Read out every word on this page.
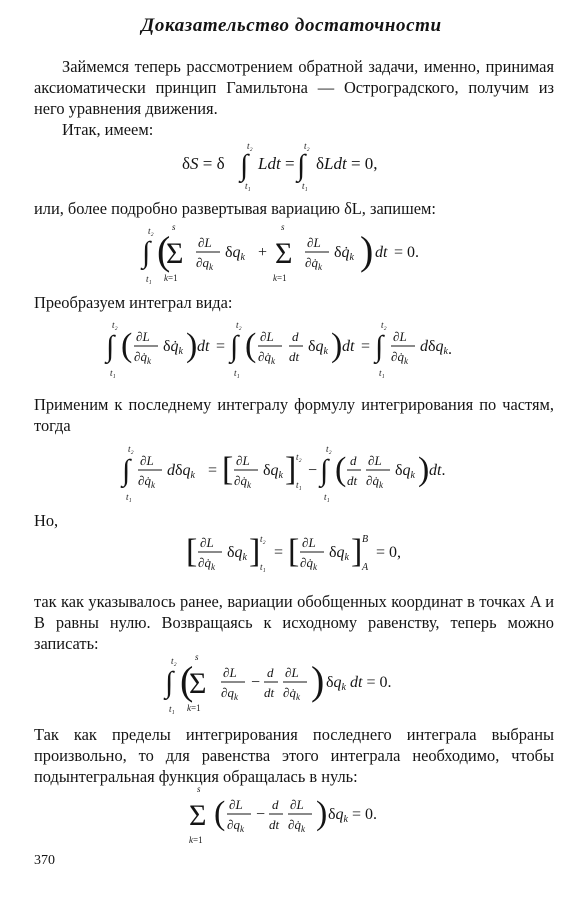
Доказательство достаточности
Займемся теперь рассмотрением обратной задачи, именно, принимая аксиоматически принцип Гамильтона — Остроградского, получим из него уравнения движения.
Итак, имеем:
δS = δ ∫
t₂
t₁
Ldt = ∫
t₂
t₁
δLdt = 0,
или, более подробно развертывая вариацию δL, запишем:
∫
t₂
t₁
(
s
Σ
k=1
∂L
$\partial q_k$
δqk +
s
Σ
k=1
∂L
$\partial q̇_k$
δq̇k ) dt = 0.
Преобразуем интеграл вида:
∫
t₂
t₁
( ∂L
$\partial q̇_k$
δq̇k ) dt = ∫
t₂
t₁
( ∂L
$\partial q̇_k$
d
dt
δqk ) dt = ∫
t₂
t₁
∂L
$\partial q̇_k$
dδqk.
Применим к последнему интегралу формулу интегрирования по частям, тогда
∫
t₂
t₁
∂L
$\partial q̇_k$
dδqk = [ ∂L
$\partial q̇_k$
δqk ] t₂
t₁
− ∫
t₂
t₁
( d
dt
∂L
$\partial q̇_k$
δqk ) dt.
Но,
[ ∂L
$\partial q̇_k$
δqk ] t₂
t₁
= [ ∂L
$\partial q̇_k$
δqk ] B
A
= 0,
так как указывалось ранее, вариации обобщенных координат в точках A и B равны нулю. Возвращаясь к исходному равенству, теперь можно записать:
∫
t₂
t₁
(
s
Σ
k=1
∂L
$\partial q_k$
−
d
dt
∂L
$\partial q̇_k$ ) δqk dt = 0.
Так как пределы интегрирования последнего интеграла выбраны произвольно, то для равенства этого интеграла необходимо, чтобы подынтегральная функция обращалась в нуль:
s
Σ
k=1
( ∂L
$\partial q_k$
−
d
dt
∂L
$\partial q̇_k$ ) δqk = 0.
370
